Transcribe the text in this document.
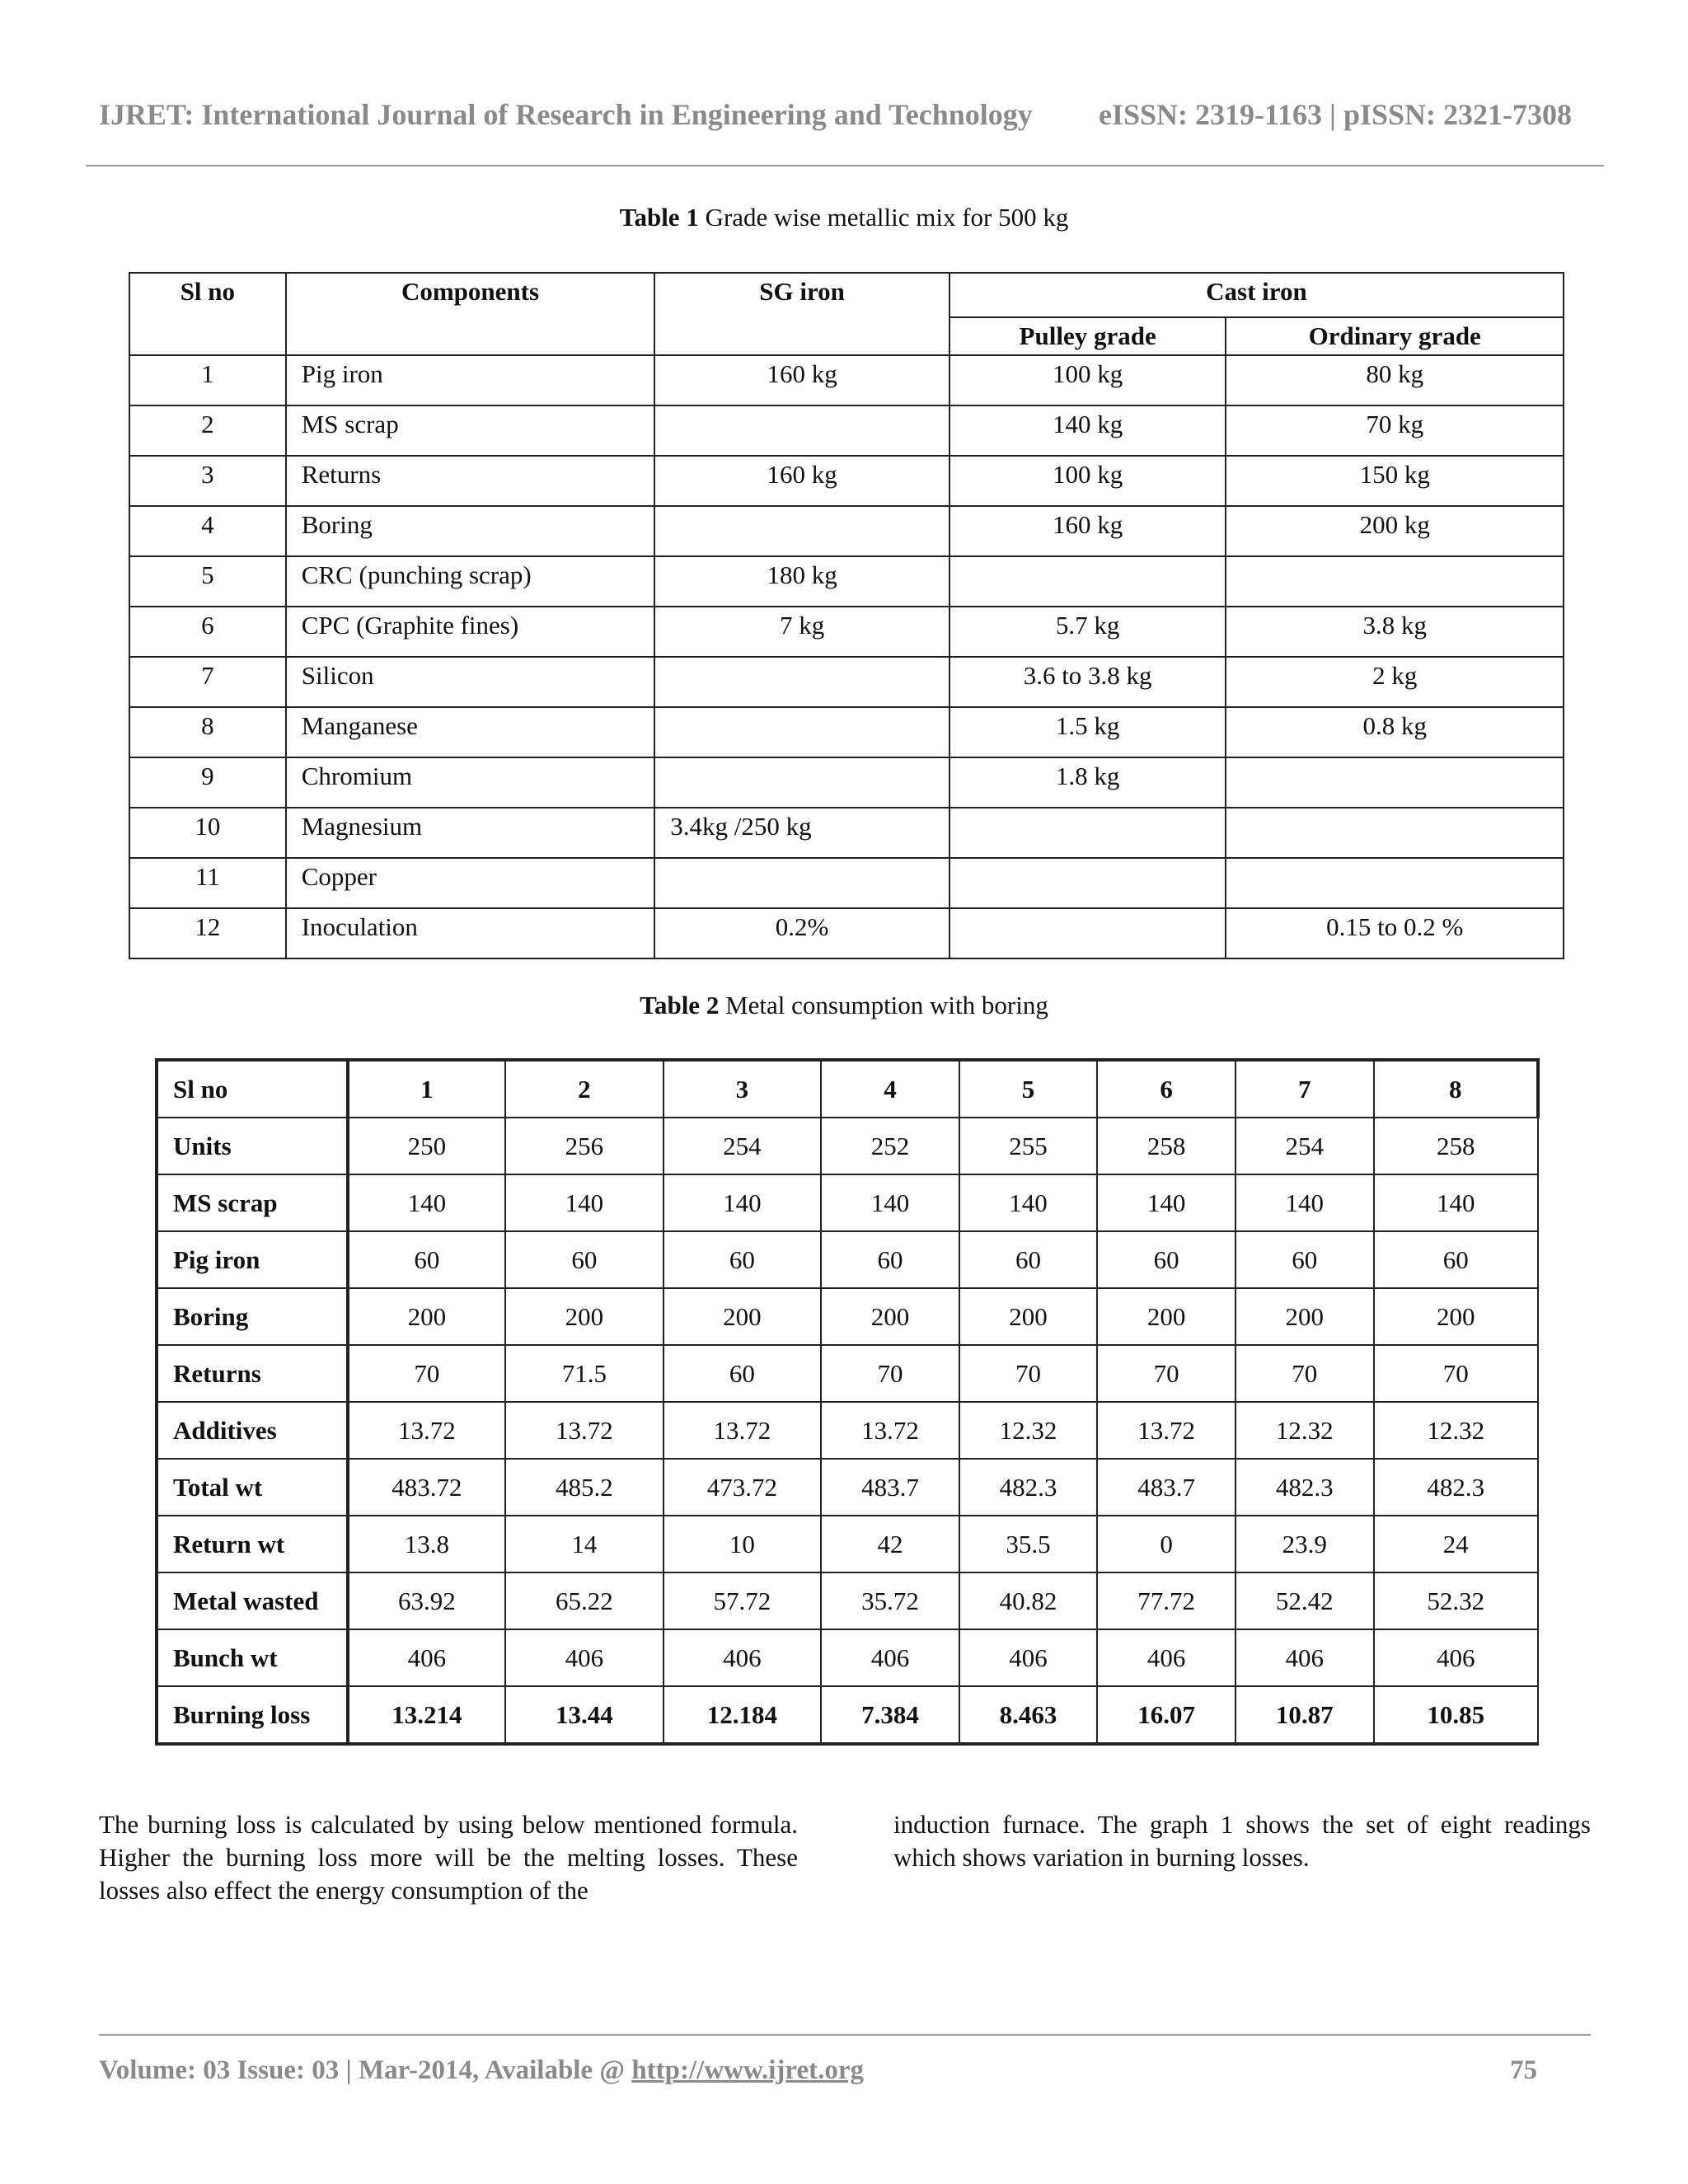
IJRET: International Journal of Research in Engineering and Technology eISSN: 2319-1163 | pISSN: 2321-7308
Table 1 Grade wise metallic mix for 500 kg
Sl no	Components	SG iron	Cast iron	
			Pulley grade	Ordinary grade
1	Pig iron	160 kg	100 kg	80 kg
2	MS scrap		140 kg	70 kg
3	Returns	160 kg	100 kg	150 kg
4	Boring		160 kg	200 kg
5	CRC (punching scrap)	180 kg		
6	CPC (Graphite fines)	7 kg	5.7 kg	3.8 kg
7	Silicon		3.6 to 3.8 kg	2 kg
8	Manganese		1.5 kg	0.8 kg
9	Chromium		1.8 kg	
10	Magnesium	3.4kg /250 kg		
11	Copper			
12	Inoculation	0.2%		0.15 to 0.2 %
Table 2 Metal consumption with boring
Sl no	1	2	3	4	5	6	7	8
Units	250	256	254	252	255	258	254	258
MS scrap	140	140	140	140	140	140	140	140
Pig iron	60	60	60	60	60	60	60	60
Boring	200	200	200	200	200	200	200	200
Returns	70	71.5	60	70	70	70	70	70
Additives	13.72	13.72	13.72	13.72	12.32	13.72	12.32	12.32
Total wt	483.72	485.2	473.72	483.7	482.3	483.7	482.3	482.3
Return wt	13.8	14	10	42	35.5	0	23.9	24
Metal wasted	63.92	65.22	57.72	35.72	40.82	77.72	52.42	52.32
Bunch wt	406	406	406	406	406	406	406	406
Burning loss	13.214	13.44	12.184	7.384	8.463	16.07	10.87	10.85
The burning loss is calculated by using below mentioned formula. Higher the burning loss more will be the melting losses. These losses also effect the energy consumption of the
induction furnace. The graph 1 shows the set of eight readings which shows variation in burning losses.
Volume: 03 Issue: 03 | Mar-2014, Available @ http://www.ijret.org	75
